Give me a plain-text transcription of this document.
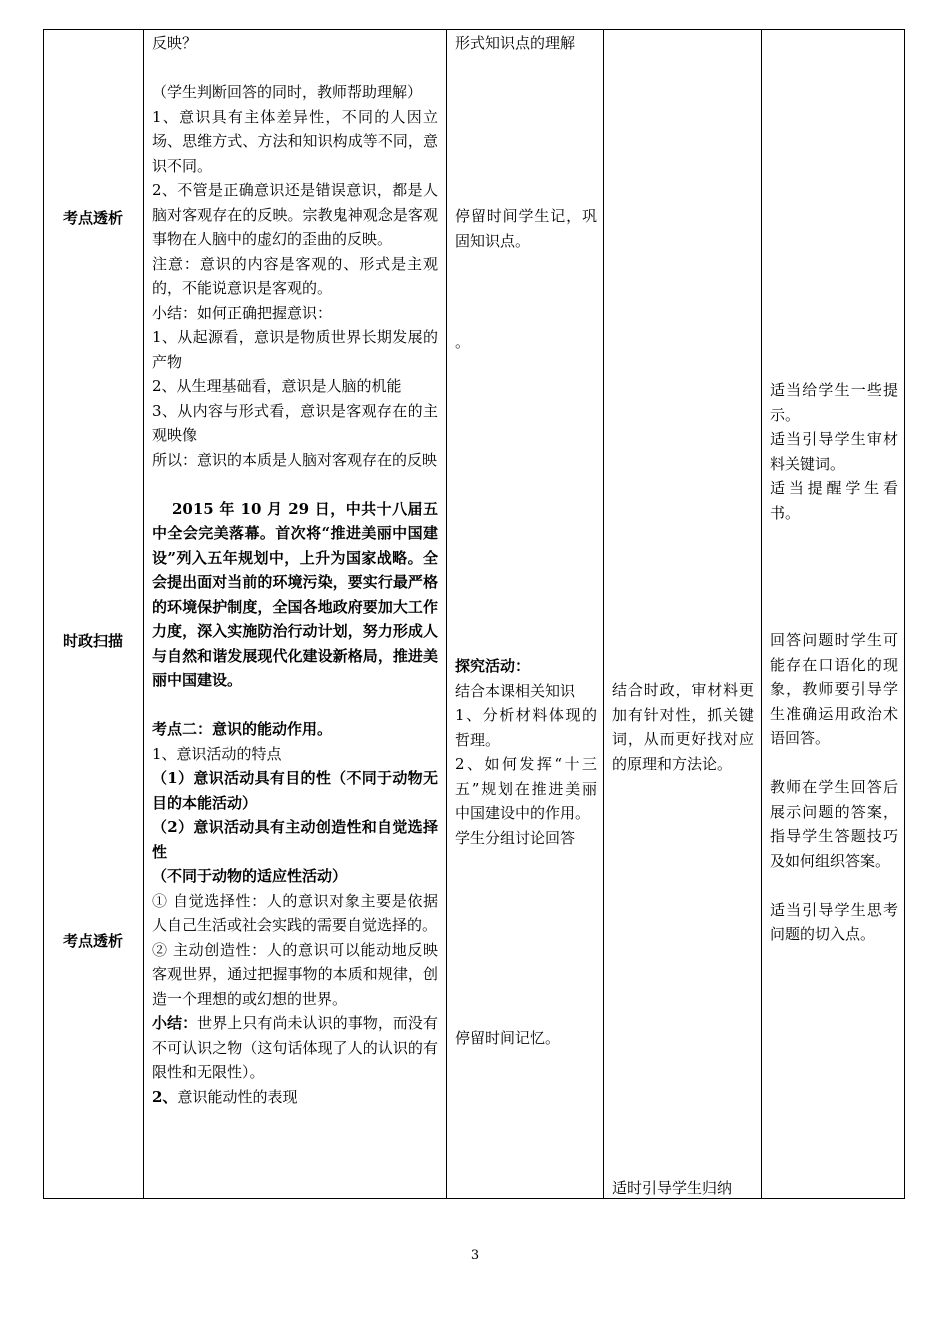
考点透析
时政扫描
考点透析

反映？

（学生判断回答的同时，教师帮助理解）

1、意识具有主体差异性，不同的人因立场、思维方式、方法和知识构成等不同，意识不同。

2、不管是正确意识还是错误意识，都是人脑对客观存在的反映。宗教鬼神观念是客观事物在人脑中的虚幻的歪曲的反映。

注意：意识的内容是客观的、形式是主观的，不能说意识是客观的。

小结：如何正确把握意识：

1、从起源看，意识是物质世界长期发展的产物

2、从生理基础看，意识是人脑的机能

3、从内容与形式看，意识是客观存在的主观映像

所以：意识的本质是人脑对客观存在的反映

2015 年 10 月 29 日，中共十八届五中全会完美落幕。首次将“推进美丽中国建设”列入五年规划中，上升为国家战略。全会提出面对当前的环境污染，要实行最严格的环境保护制度，全国各地政府要加大工作力度，深入实施防治行动计划，努力形成人与自然和谐发展现代化建设新格局，推进美丽中国建设。

考点二：意识的能动作用。

1、意识活动的特点

（1）意识活动具有目的性（不同于动物无目的本能活动）

（2）意识活动具有主动创造性和自觉选择性

（不同于动物的适应性活动）

① 自觉选择性：人的意识对象主要是依据人自己生活或社会实践的需要自觉选择的。

② 主动创造性：人的意识可以能动地反映客观世界，通过把握事物的本质和规律，创造一个理想的或幻想的世界。

小结：世界上只有尚未认识的事物，而没有不可认识之物（这句话体现了人的认识的有限性和无限性）。

2、意识能动性的表现

形式知识点的理解

停留时间学生记，巩固知识点。

。

探究活动：

结合本课相关知识

1、分析材料体现的哲理。

2、如何发挥“十三五”规划在推进美丽中国建设中的作用。

学生分组讨论回答

停留时间记忆。

结合时政，审材料更加有针对性，抓关键词，从而更好找对应的原理和方法论。

适时引导学生归纳

适当给学生一些提示。

适当引导学生审材料关键词。

适当提醒学生看书。

回答问题时学生可能存在口语化的现象，教师要引导学生准确运用政治术语回答。

教师在学生回答后展示问题的答案，指导学生答题技巧及如何组织答案。

适当引导学生思考问题的切入点。

3
